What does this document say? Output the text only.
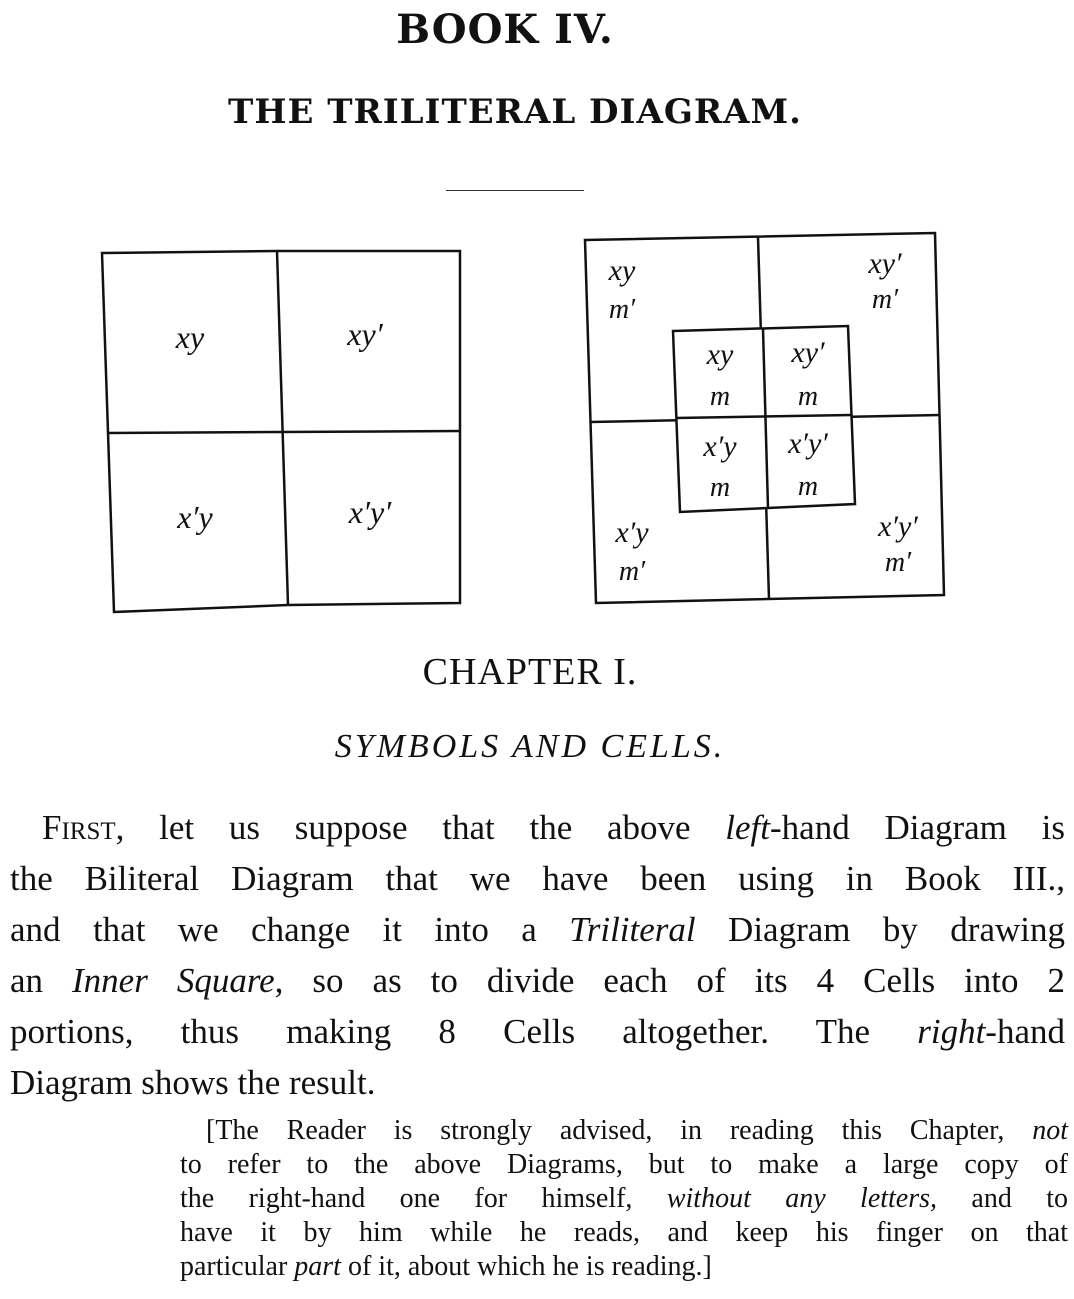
BOOK IV.
THE TRILITERAL DIAGRAM.
xy	xy′
x′y	x′y′
xy
m′
xy′
m′
x′y
m′
x′y′
m′
xy
m
xy′
m
x′y
m
x′y′
m
CHAPTER I.
SYMBOLS AND CELLS.
First, let us suppose that the above left-hand Diagram is
the Biliteral Diagram that we have been using in Book III.,
and that we change it into a Triliteral Diagram by drawing
an Inner Square, so as to divide each of its 4 Cells into 2
portions, thus making 8 Cells altogether. The right-hand
Diagram shows the result.
[The Reader is strongly advised, in reading this Chapter, not
to refer to the above Diagrams, but to make a large copy of
the right-hand one for himself, without any letters, and to
have it by him while he reads, and keep his finger on that
particular part of it, about which he is reading.]
